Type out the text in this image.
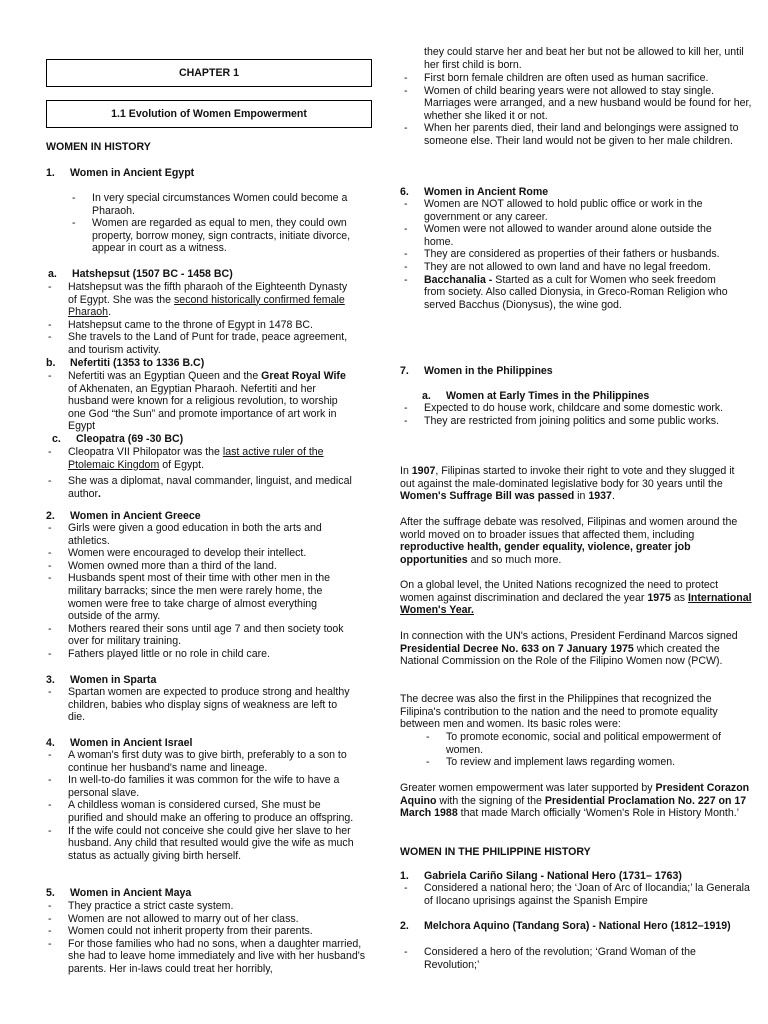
CHAPTER 1
1.1 Evolution of Women Empowerment
WOMEN IN HISTORY
1. Women in Ancient Egypt
- In very special circumstances Women could become a Pharaoh.
- Women are regarded as equal to men, they could own property, borrow money, sign contracts, initiate divorce, appear in court as a witness.
a. Hatshepsut (1507 BC - 1458 BC)
- Hatshepsut was the fifth pharaoh of the Eighteenth Dynasty of Egypt. She was the second historically confirmed female Pharaoh.
- Hatshepsut came to the throne of Egypt in 1478 BC.
- She travels to the Land of Punt for trade, peace agreement, and tourism activity.
b. Nefertiti (1353 to 1336 B.C)
- Nefertiti was an Egyptian Queen and the Great Royal Wife of Akhenaten, an Egyptian Pharaoh. Nefertiti and her husband were known for a religious revolution, to worship one God “the Sun” and promote importance of art work in Egypt
c. Cleopatra (69 -30 BC)
- Cleopatra VII Philopator was the last active ruler of the Ptolemaic Kingdom of Egypt.
- She was a diplomat, naval commander, linguist, and medical author.
2. Women in Ancient Greece
- Girls were given a good education in both the arts and athletics.
- Women were encouraged to develop their intellect.
- Women owned more than a third of the land.
- Husbands spent most of their time with other men in the military barracks; since the men were rarely home, the women were free to take charge of almost everything outside of the army.
- Mothers reared their sons until age 7 and then society took over for military training.
- Fathers played little or no role in child care.
3. Women in Sparta
- Spartan women are expected to produce strong and healthy children, babies who display signs of weakness are left to die.
4. Women in Ancient Israel
- A woman's first duty was to give birth, preferably to a son to continue her husband's name and lineage.
- In well-to-do families it was common for the wife to have a personal slave.
- A childless woman is considered cursed, She must be purified and should make an offering to produce an offspring.
- If the wife could not conceive she could give her slave to her husband. Any child that resulted would give the wife as much status as actually giving birth herself.
5. Women in Ancient Maya
- They practice a strict caste system.
- Women are not allowed to marry out of her class.
- Women could not inherit property from their parents.
- For those families who had no sons, when a daughter married, she had to leave home immediately and live with her husband's parents. Her in-laws could treat her horribly,
they could starve her and beat her but not be allowed to kill her, until her first child is born.
- First born female children are often used as human sacrifice.
- Women of child bearing years were not allowed to stay single. Marriages were arranged, and a new husband would be found for her, whether she liked it or not.
- When her parents died, their land and belongings were assigned to someone else. Their land would not be given to her male children.
6. Women in Ancient Rome
- Women are NOT allowed to hold public office or work in the government or any career.
- Women were not allowed to wander around alone outside the home.
- They are considered as properties of their fathers or husbands.
- They are not allowed to own land and have no legal freedom.
- Bacchanalia - Started as a cult for Women who seek freedom from society. Also called Dionysia, in Greco-Roman Religion who served Bacchus (Dionysus), the wine god.
7. Women in the Philippines
a. Women at Early Times in the Philippines
- Expected to do house work, childcare and some domestic work.
- They are restricted from joining politics and some public works.
In 1907, Filipinas started to invoke their right to vote and they slugged it out against the male-dominated legislative body for 30 years until the Women's Suffrage Bill was passed in 1937.
After the suffrage debate was resolved, Filipinas and women around the world moved on to broader issues that affected them, including reproductive health, gender equality, violence, greater job opportunities and so much more.
On a global level, the United Nations recognized the need to protect women against discrimination and declared the year 1975 as International Women's Year.
In connection with the UN's actions, President Ferdinand Marcos signed Presidential Decree No. 633 on 7 January 1975 which created the National Commission on the Role of the Filipino Women now (PCW).
The decree was also the first in the Philippines that recognized the Filipina's contribution to the nation and the need to promote equality between men and women. Its basic roles were:
- To promote economic, social and political empowerment of women.
- To review and implement laws regarding women.
Greater women empowerment was later supported by President Corazon Aquino with the signing of the Presidential Proclamation No. 227 on 17 March 1988 that made March officially ‘Women's Role in History Month.’
WOMEN IN THE PHILIPPINE HISTORY
1. Gabriela Cariño Silang - National Hero (1731– 1763)
- Considered a national hero; the ‘Joan of Arc of Ilocandia;’ la Generala of Ilocano uprisings against the Spanish Empire
2. Melchora Aquino (Tandang Sora) - National Hero (1812–1919)
- Considered a hero of the revolution; ‘Grand Woman of the Revolution;’
